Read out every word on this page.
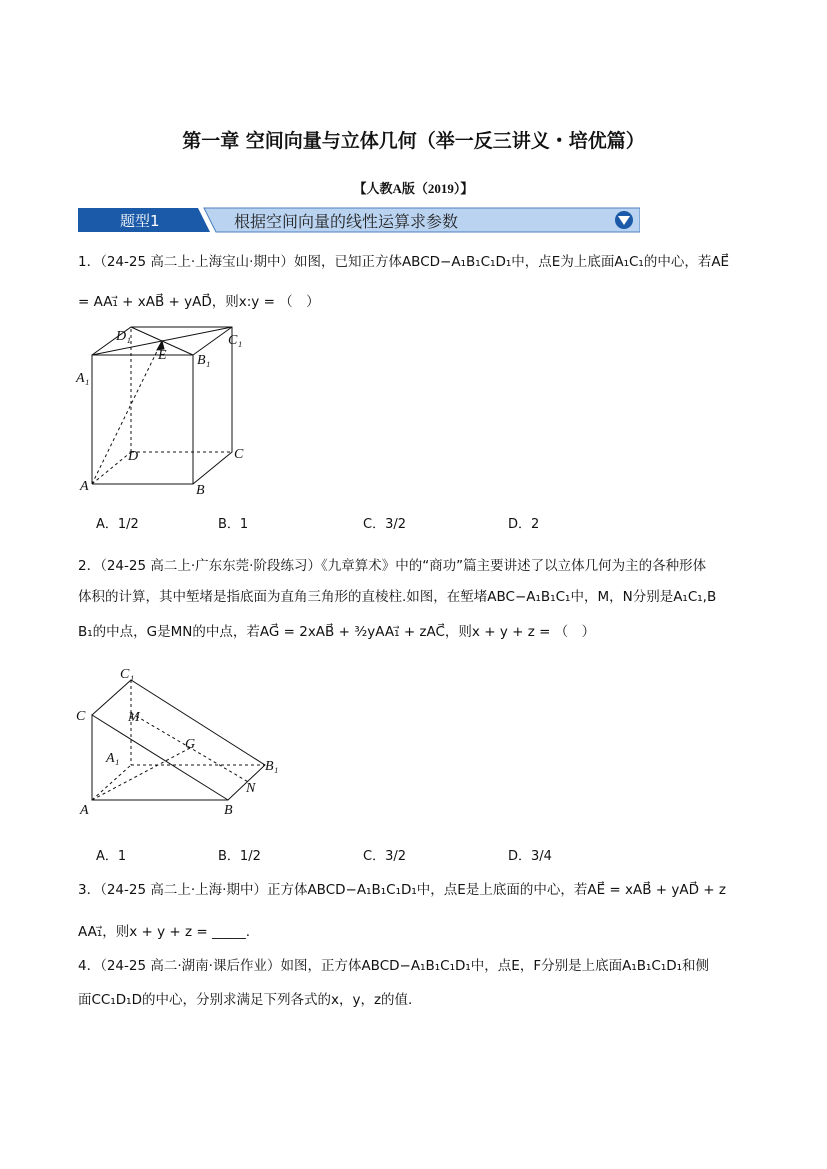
第一章 空间向量与立体几何（举一反三讲义・培优篇）
【人教A版（2019）】
题型1	根据空间向量的线性运算求参数
1．（24-25 高二上·上海宝山·期中）如图，已知正方体ABCD−A₁B₁C₁D₁中，点E为上底面A₁C₁的中心，若AE⃗
= AA₁⃗ + xAB⃗ + yAD⃗，则x:y = （　）
D₁	C₁
E
A₁
B₁
D	C
A	B
A．1/2	B．1	C．3/2	D．2
2．（24-25 高二上·广东东莞·阶段练习）《九章算术》中的“商功”篇主要讲述了以立体几何为主的各种形体
体积的计算，其中堑堵是指底面为直角三角形的直棱柱.如图，在堑堵ABC−A₁B₁C₁中，M，N分别是A₁C₁,B
B₁的中点，G是MN的中点，若AG⃗ = 2xAB⃗ + ³⁄₂yAA₁⃗ + zAC⃗，则x + y + z = （　）
C₁
C	M
G
A₁
B₁
N
A	B
A．1	B．1/2	C．3/2	D．3/4
3．（24-25 高二上·上海·期中）正方体ABCD−A₁B₁C₁D₁中，点E是上底面的中心，若AE⃗ = xAB⃗ + yAD⃗ + z
AA₁⃗，则x + y + z = _____.
4．（24-25 高二·湖南·课后作业）如图，正方体ABCD−A₁B₁C₁D₁中，点E，F分别是上底面A₁B₁C₁D₁和侧
面CC₁D₁D的中心，分别求满足下列各式的x，y，z的值.
